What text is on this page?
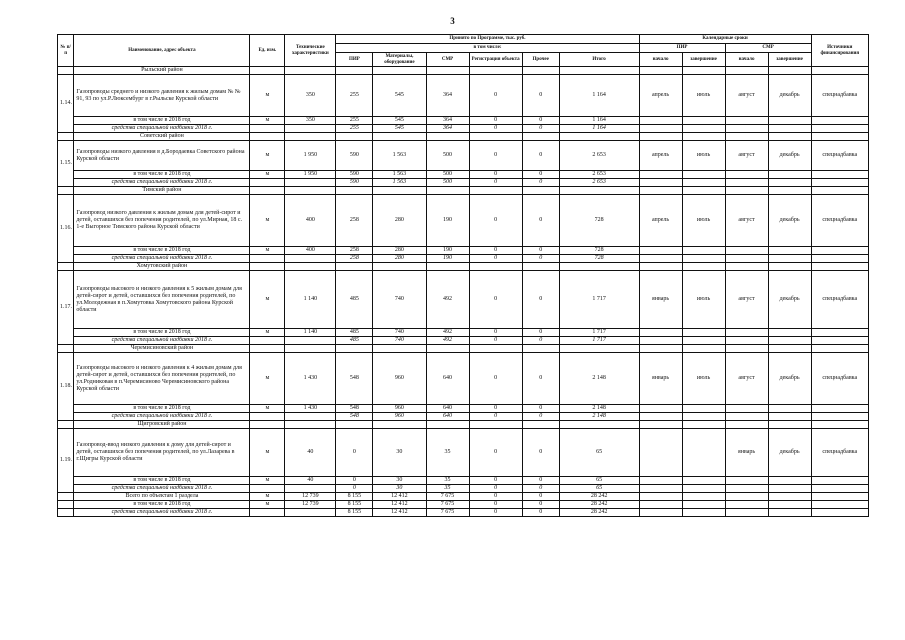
3
№ п/п	Наименование, адрес объекта	Ед. изм.	Технические характеристики	Принято по Программе, тыс. руб.						Календарные сроки				Источники финансирования
				в том числе:						ПИР		СМР		
				ПИР	Материалы, оборудование	СМР	Регистрация объекта	Прочее	Итого	начало	завершение	начало	завершение	
	Рыльский район													
1.14.	Газопроводы среднего и низкого давления к жилым домам № № 91, 93 по ул.Р.Люксембург в г.Рыльске Курской области	м	350	255	545	364	0	0	1 164	апрель	июль	август	декабрь	спецнадбавка
	в том числе в 2018 год	м	350	255	545	364	0	0	1 164					
	средства специальной надбавки 2018 г.			255	545	364	0	0	1 164					
	Советский район													
1.15.	Газопроводы низкого давления в д.Бородаевка Советского района Курской области	м	1 950	590	1 563	500	0	0	2 653	апрель	июль	август	декабрь	спецнадбавка
	в том числе в 2018 год	м	1 950	590	1 563	500	0	0	2 653					
	средства специальной надбавки 2018 г.			590	1 563	500	0	0	2 653					
	Тимский район													
1.16.	Газопровод низкого давления к жилым домам для детей-сирот и детей, оставшихся без попечения родителей, по ул.Мирная, 18 с. 1-е Выгорное Тимского района Курской области	м	400	258	280	190	0	0	728	апрель	июль	август	декабрь	спецнадбавка
	в том числе в 2018 год	м	400	258	280	190	0	0	728					
	средства специальной надбавки 2018 г.			258	280	190	0	0	728					
	Хомутовский район													
1.17.	Газопроводы высокого и низкого давления к 5 жилым домам для детей-сирот и детей, оставшихся без попечения родителей, по ул.Молодежная в п.Хомутовка Хомутовского района Курской области	м	1 140	485	740	492	0	0	1 717	январь	июль	август	декабрь	спецнадбавка
	в том числе в 2018 год	м	1 140	485	740	492	0	0	1 717					
	средства специальной надбавки 2018 г.			485	740	492	0	0	1 717					
	Черемисиновский район													
1.18.	Газопроводы высокого и низкого давления к 4 жилым домам для детей-сирот и детей, оставшихся без попечения родителей, по ул.Родниковая в п.Черемисиново Черемисиновского района Курской области	м	1 430	548	960	640	0	0	2 148	январь	июль	август	декабрь	спецнадбавка
	в том числе в 2018 год	м	1 430	548	960	640	0	0	2 148					
	средства специальной надбавки 2018 г.			548	960	640	0	0	2 148					
	Щигровский район													
1.19.	Газопровод-ввод низкого давления к дому для детей-сирот и детей, оставшихся без попечения родителей, по ул.Лазарева в г.Щигры Курской области	м	40	0	30	35	0	0	65			январь	декабрь	спецнадбавка
	в том числе в 2018 год	м	40	0	30	35	0	0	65					
	средства специальной надбавки 2018 г.			0	30	35	0	0	65					
	Всего по объектам 1 раздела	м	12 739	8 155	12 412	7 675	0	0	28 242					
	в том числе в 2018 год	м	12 739	8 155	12 412	7 675	0	0	28 242					
	средства специальной надбавки 2018 г.			8 155	12 412	7 675	0	0	28 242					
